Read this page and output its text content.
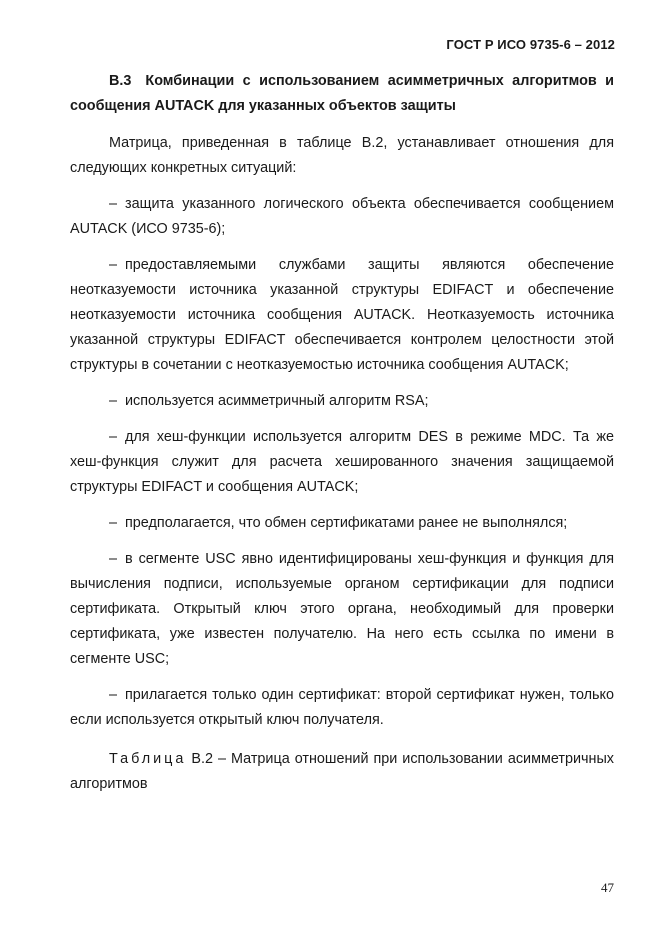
ГОСТ Р ИСО 9735-6 – 2012

В.3 Комбинации с использованием асимметричных алгоритмов и сообщения AUTACK для указанных объектов защиты

Матрица, приведенная в таблице В.2, устанавливает отношения для следующих конкретных ситуаций:

– защита указанного логического объекта обеспечивается сообщением AUTACK (ИСО 9735-6);

– предоставляемыми службами защиты являются обеспечение неотказуемости источника указанной структуры EDIFACT и обеспечение неотказуемости источника сообщения AUTACK. Неотказуемость источника указанной структуры EDIFACT обеспечивается контролем целостности этой структуры в сочетании с неотказуемостью источника сообщения AUTACK;

– используется асимметричный алгоритм RSA;

– для хеш-функции используется алгоритм DES в режиме MDC. Та же хеш-функция служит для расчета хешированного значения защищаемой структуры EDIFACT и сообщения AUTACK;

– предполагается, что обмен сертификатами ранее не выполнялся;

– в сегменте USC явно идентифицированы хеш-функция и функция для вычисления подписи, используемые органом сертификации для подписи сертификата. Открытый ключ этого органа, необходимый для проверки сертификата, уже известен получателю. На него есть ссылка по имени в сегменте USC;

– прилагается только один сертификат: второй сертификат нужен, только если используется открытый ключ получателя.

Таблица В.2 – Матрица отношений при использовании асимметричных алгоритмов

47
